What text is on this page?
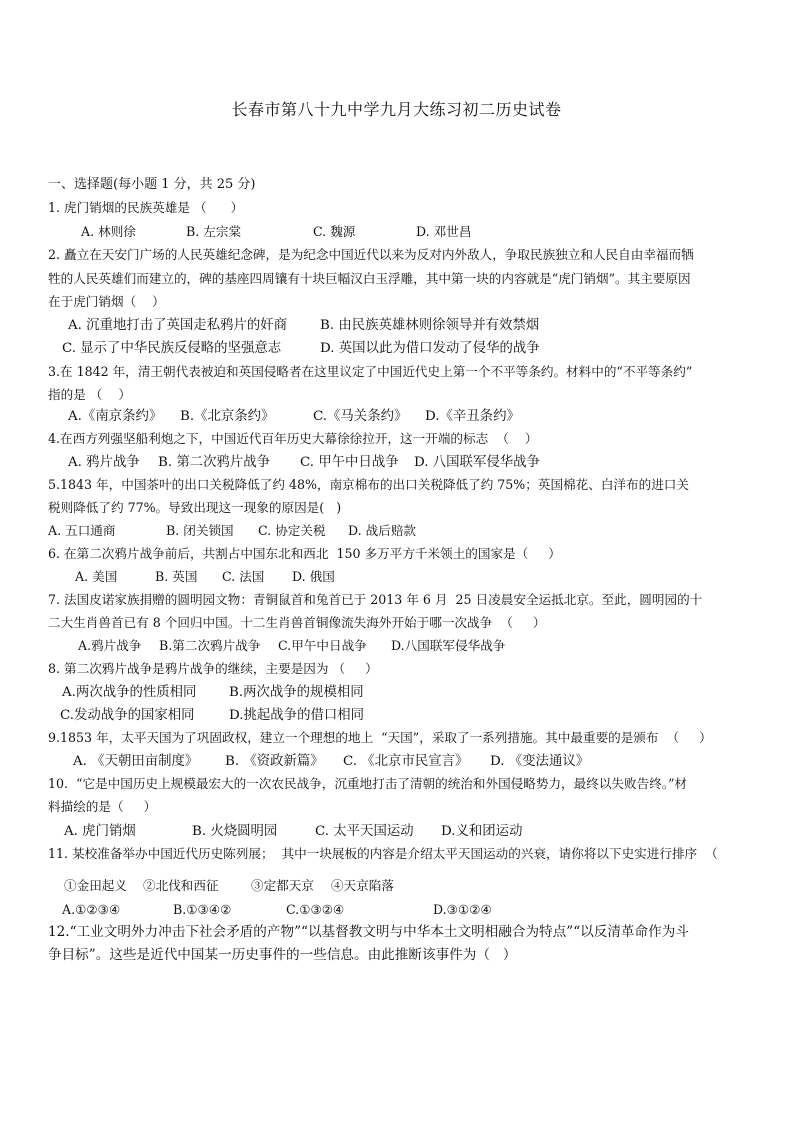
长春市第八十九中学九月大练习初二历史试卷
一、选择题(每小题 1 分，共 25 分)
1. 虎门销烟的民族英雄是 （      ）

A. 林则徐

	B. 左宗棠

	C. 魏源

	D. 邓世昌

2. 矗立在天安门广场的人民英雄纪念碑，是为纪念中国近代以来为反对内外敌人，争取民族独立和人民自由幸福而牺
牲的人民英雄们而建立的，碑的基座四周镶有十块巨幅汉白玉浮雕，其中第一块的内容就是“虎门销烟”。其主要原因
在于虎门销烟（    ）

A. 沉重地打击了英国走私鸦片的奸商

B. 由民族英雄林则徐领导并有效禁烟

C. 显示了中华民族反侵略的坚强意志

	D. 英国以此为借口发动了侵华的战争

3.在 1842 年，清王朝代表被迫和英国侵略者在这里议定了中国近代史上第一个不平等条约。材料中的“不平等条约”
指的是 （    ）

A.《南京条约》

B.《北京条约》

	C.《马关条约》

D.《辛丑条约》

4.在西方列强坚船利炮之下，中国近代百年历史大幕徐徐拉开，这一开端的标志  （    ）

A. 鸦片战争

B. 第二次鸦片战争

C. 甲午中日战争

D. 八国联军侵华战争

5.1843 年，中国茶叶的出口关税降低了约 48%，南京棉布的出口关税降低了约 75%；英国棉花、白洋布的进口关
税则降低了约 77%。导致出现这一现象的原因是(   )

A. 五口通商

	B. 闭关锁国

C. 协定关税

D. 战后赔款

6. 在第二次鸦片战争前后，共割占中国东北和西北  150 多万平方千米领土的国家是（     ）

A. 美国

	B. 英国

C. 法国

D. 俄国

7. 法国皮诺家族捐赠的圆明园文物：青铜鼠首和兔首已于 2013 年 6 月  25 日凌晨安全运抵北京。至此，圆明园的十
二大生肖兽首已有 8 个回归中国。十二生肖兽首铜像流失海外开始于哪一次战争  （     ）

A.鸦片战争

B.第二次鸦片战争

C.甲午中日战争

D.八国联军侵华战争

8. 第二次鸦片战争是鸦片战争的继续，主要是因为 （     ）

A.两次战争的性质相同

B.两次战争的规模相同

C.发动战争的国家相同

	D.挑起战争的借口相同

9.1853 年，太平天国为了巩固政权，建立一个理想的地上  “天国”，采取了一系列措施。其中最重要的是颁布  （     ）

A. 《天朝田亩制度》

B. 《资政新篇》

C. 《北京市民宣言》

D. 《变法通议》

10.  “它是中国历史上规模最宏大的一次农民战争，沉重地打击了清朝的统治和外国侵略势力，最终以失败告终。”材
料描绘的是（     ）

A. 虎门销烟

	B. 火烧圆明园

	C. 太平天国运动

D.义和团运动

11. 某校准备举办中国近代历史陈列展；  其中一块展板的内容是介绍太平天国运动的兴衰，请你将以下史实进行排序  （

①金田起义

②北伐和西征

	③定都天京

④天京陷落

A.①②③④

	B.①③④②

	C.①③②④

	D.③①②④

12.“工业文明外力冲击下社会矛盾的产物”“以基督教文明与中华本土文明相融合为特点”“以反清革命作为斗
争目标”。这些是近代中国某一历史事件的一些信息。由此推断该事件为（   ）
